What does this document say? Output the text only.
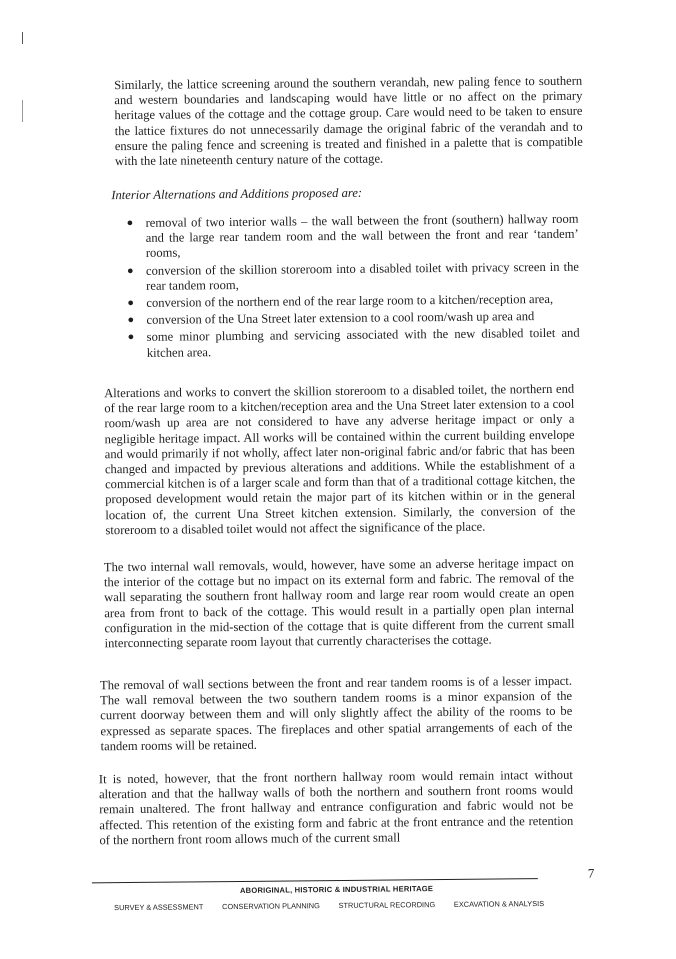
Similarly, the lattice screening around the southern verandah, new paling fence to southern and western boundaries and landscaping would have little or no affect on the primary heritage values of the cottage and the cottage group. Care would need to be taken to ensure the lattice fixtures do not unnecessarily damage the original fabric of the verandah and to ensure the paling fence and screening is treated and finished in a palette that is compatible with the late nineteenth century nature of the cottage.

Interior Alternations and Additions proposed are:

● removal of two interior walls – the wall between the front (southern) hallway room and the large rear tandem room and the wall between the front and rear ‘tandem’ rooms,
● conversion of the skillion storeroom into a disabled toilet with privacy screen in the rear tandem room,
● conversion of the northern end of the rear large room to a kitchen/reception area,
● conversion of the Una Street later extension to a cool room/wash up area and
● some minor plumbing and servicing associated with the new disabled toilet and kitchen area.

Alterations and works to convert the skillion storeroom to a disabled toilet, the northern end of the rear large room to a kitchen/reception area and the Una Street later extension to a cool room/wash up area are not considered to have any adverse heritage impact or only a negligible heritage impact. All works will be contained within the current building envelope and would primarily if not wholly, affect later non-original fabric and/or fabric that has been changed and impacted by previous alterations and additions. While the establishment of a commercial kitchen is of a larger scale and form than that of a traditional cottage kitchen, the proposed development would retain the major part of its kitchen within or in the general location of, the current Una Street kitchen extension. Similarly, the conversion of the storeroom to a disabled toilet would not affect the significance of the place.

The two internal wall removals, would, however, have some an adverse heritage impact on the interior of the cottage but no impact on its external form and fabric. The removal of the wall separating the southern front hallway room and large rear room would create an open area from front to back of the cottage. This would result in a partially open plan internal configuration in the mid-section of the cottage that is quite different from the current small interconnecting separate room layout that currently characterises the cottage.

The removal of wall sections between the front and rear tandem rooms is of a lesser impact. The wall removal between the two southern tandem rooms is a minor expansion of the current doorway between them and will only slightly affect the ability of the rooms to be expressed as separate spaces. The fireplaces and other spatial arrangements of each of the tandem rooms will be retained.

It is noted, however, that the front northern hallway room would remain intact without alteration and that the hallway walls of both the northern and southern front rooms would remain unaltered. The front hallway and entrance configuration and fabric would not be affected. This retention of the existing form and fabric at the front entrance and the retention of the northern front room allows much of the current small

7
ABORIGINAL, HISTORIC & INDUSTRIAL HERITAGE
SURVEY & ASSESSMENT	CONSERVATION PLANNING	STRUCTURAL RECORDING	EXCAVATION & ANALYSIS
